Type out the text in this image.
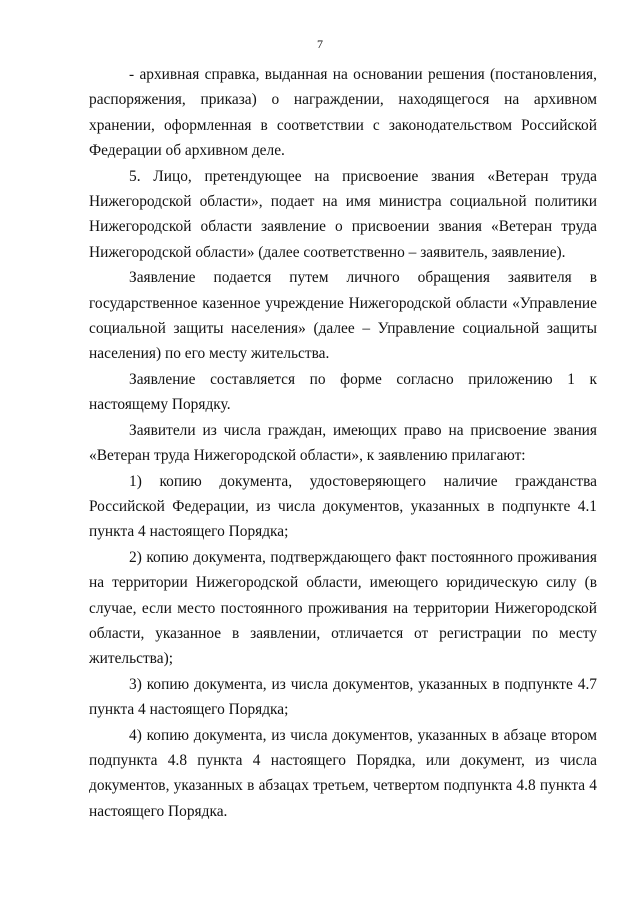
7

- архивная справка, выданная на основании решения (постановления, распоряжения, приказа) о награждении, находящегося на архивном хранении, оформленная в соответствии с законодательством Российской Федерации об архивном деле.

5. Лицо, претендующее на присвоение звания «Ветеран труда Нижегородской области», подает на имя министра социальной политики Нижегородской области заявление о присвоении звания «Ветеран труда Нижегородской области» (далее соответственно – заявитель, заявление).

Заявление подается путем личного обращения заявителя в государственное казенное учреждение Нижегородской области «Управление социальной защиты населения» (далее – Управление социальной защиты населения) по его месту жительства.

Заявление составляется по форме согласно приложению 1 к настоящему Порядку.

Заявители из числа граждан, имеющих право на присвоение звания «Ветеран труда Нижегородской области», к заявлению прилагают:

1) копию документа, удостоверяющего наличие гражданства Российской Федерации, из числа документов, указанных в подпункте 4.1 пункта 4 настоящего Порядка;

2) копию документа, подтверждающего факт постоянного проживания на территории Нижегородской области, имеющего юридическую силу (в случае, если место постоянного проживания на территории Нижегородской области, указанное в заявлении, отличается от регистрации по месту жительства);

3) копию документа, из числа документов, указанных в подпункте 4.7 пункта 4 настоящего Порядка;

4) копию документа, из числа документов, указанных в абзаце втором подпункта 4.8 пункта 4 настоящего Порядка, или документ, из числа документов, указанных в абзацах третьем, четвертом подпункта 4.8 пункта 4 настоящего Порядка.
